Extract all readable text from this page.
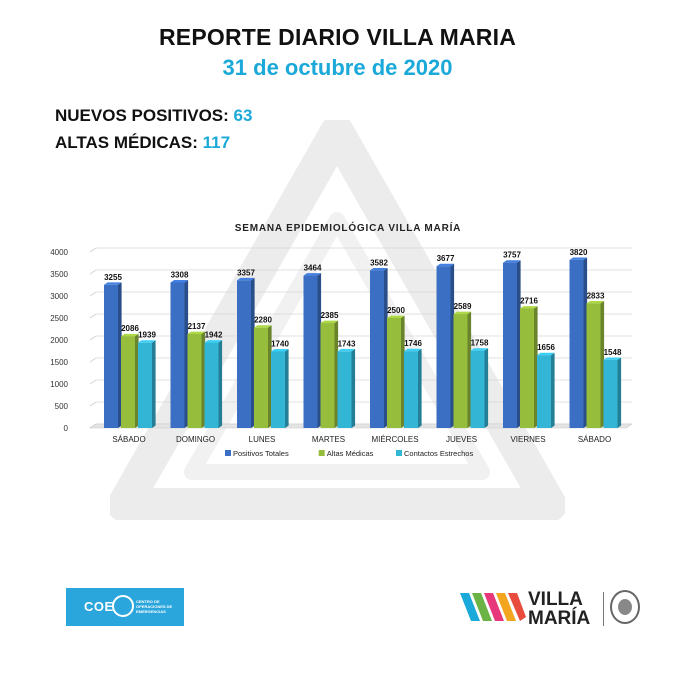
REPORTE DIARIO VILLA MARIA
31 de octubre de 2020
NUEVOS POSITIVOS: 63
ALTAS MÉDICAS: 117
SEMANA EPIDEMIOLÓGICA VILLA MARÍA
0
500
1000
1500
2000
2500
3000
3500
4000
3255
2086
1939
SÁBADO
3308
2137
1942
DOMINGO
3357
2280
1740
LUNES
3464
2385
1743
MARTES
3582
2500
1746
MIÉRCOLES
3677
2589
1758
JUEVES
3757
2716
1656
VIERNES
3820
2833
1548
SÁBADO
Positivos Totales	Altas Médicas	Contactos Estrechos
COE	CENTRO DE OPERACIONES DE EMERGENCIAS
VILLA
MARÍA
